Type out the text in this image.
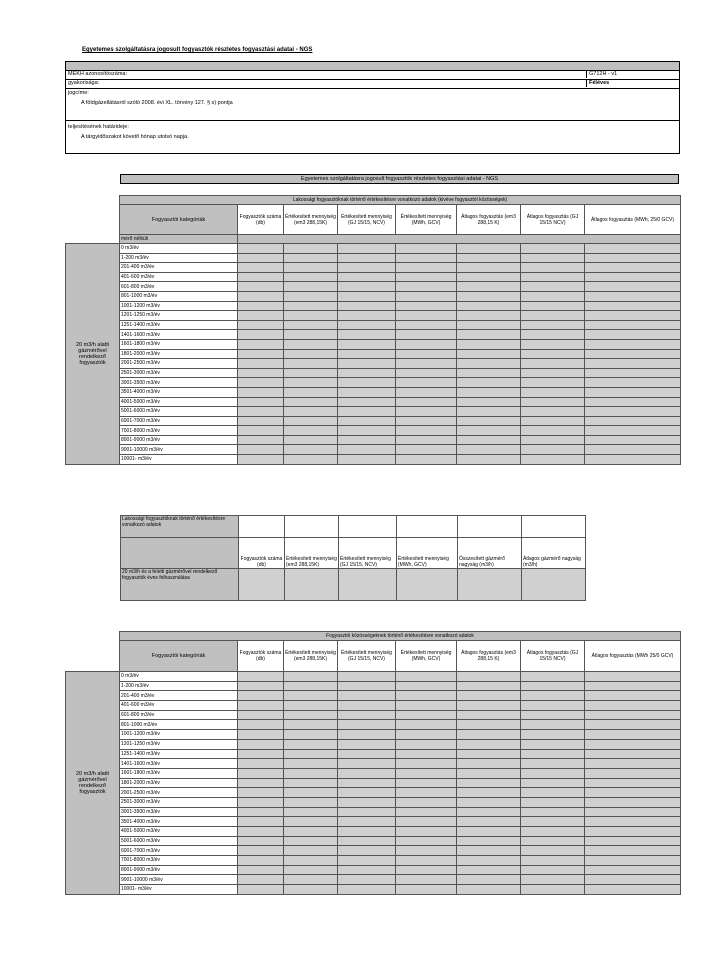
Egyetemes szolgáltatásra jogosult fogyasztók részletes fogyasztási adatai - NGS
MEKH azonosítószáma:	G712H - v1
gyakorisága:	Féléves
jogcíme:
A földgázellátásról szóló 2008. évi XL. törvény 127. § s) pontja
teljesítésének határideje:
A tárgyidőszakot követő hónap utolsó napja.
Egyetemes szolgáltatásra jogosult fogyasztók részletes fogyasztási adatai - NGS
	Lakossági fogyasztóknak történő értékesítésre vonatkozó adatok (kivéve fogyasztói közösségek)							
	Fogyasztói kategóriák	Fogyasztók száma (db)	Értékesített mennyiség (em3 288,15K)	Értékesített mennyiség (GJ 15/15, NCV)	Értékesített mennyiség (MWh, GCV)	Átlagos fogyasztás (em3 288,15 K)	Átlagos fogyasztás (GJ 15/15 NCV)	Átlagos fogyasztás (MWh, 25/0 GCV)
	mérő nélküli							
20 m3/h alatti gázmérővel rendelkező fogyasztók	0 m3/év							
	1-200 m3/év							
	201-400 m3/év							
	401-600 m3/év							
	601-800 m3/év							
	801-1000 m3/év							
	1001-1200 m3/év							
	1201-1250 m3/év							
	1251-1400 m3/év							
	1401-1600 m3/év							
	1601-1800 m3/év							
	1801-2000 m3/év							
	2001-2500 m3/év							
	2501-3000 m3/év							
	3001-3500 m3/év							
	3501-4000 m3/év							
	4001-5000 m3/év							
	5001-6000 m3/év							
	6001-7000 m3/év							
	7001-8000 m3/év							
	8001-9000 m3/év							
	9001-10000 m3/év							
	10001- m3/év							
Lakossági fogyasztóknak történő értékesítésre vonatkozó adatok						
	Fogyasztók száma (db)	Értékesített mennyiség (em3 288,15K)	Értékesített mennyiség (GJ 15/15, NCV)	Értékesített mennyiség (MWh, GCV)	Összesített gázmérő nagyság (m3/h)	Átlagos gázmérő nagyság (m3/h)
20 m3/h és a feletti gázmérővel rendelkező fogyasztók éves felhasználása						
	Fogyasztói közösségeknek történő értékesítésre vonatkozó adatok							
	Fogyasztói kategóriák	Fogyasztók száma (db)	Értékesített mennyiség (em3 288,15K)	Értékesített mennyiség (GJ 15/15, NCV)	Értékesített mennyiség (MWh, GCV)	Átlagos fogyasztás (em3 288,15 K)	Átlagos fogyasztás (GJ 15/15 NCV)	Átlagos fogyasztás (MWh 25/0 GCV)
20 m3/h alatti gázmérővel rendelkező fogyasztók	0 m3/év							
	1-200 m3/év							
	201-400 m3/év							
	401-600 m3/év							
	601-800 m3/év							
	801-1000 m3/év							
	1001-1200 m3/év							
	1201-1250 m3/év							
	1251-1400 m3/év							
	1401-1600 m3/év							
	1601-1800 m3/év							
	1801-2000 m3/év							
	2001-2500 m3/év							
	2501-3000 m3/év							
	3001-3500 m3/év							
	3501-4000 m3/év							
	4001-5000 m3/év							
	5001-6000 m3/év							
	6001-7000 m3/év							
	7001-8000 m3/év							
	8001-9000 m3/év							
	9001-10000 m3/év							
	10001- m3/év							
